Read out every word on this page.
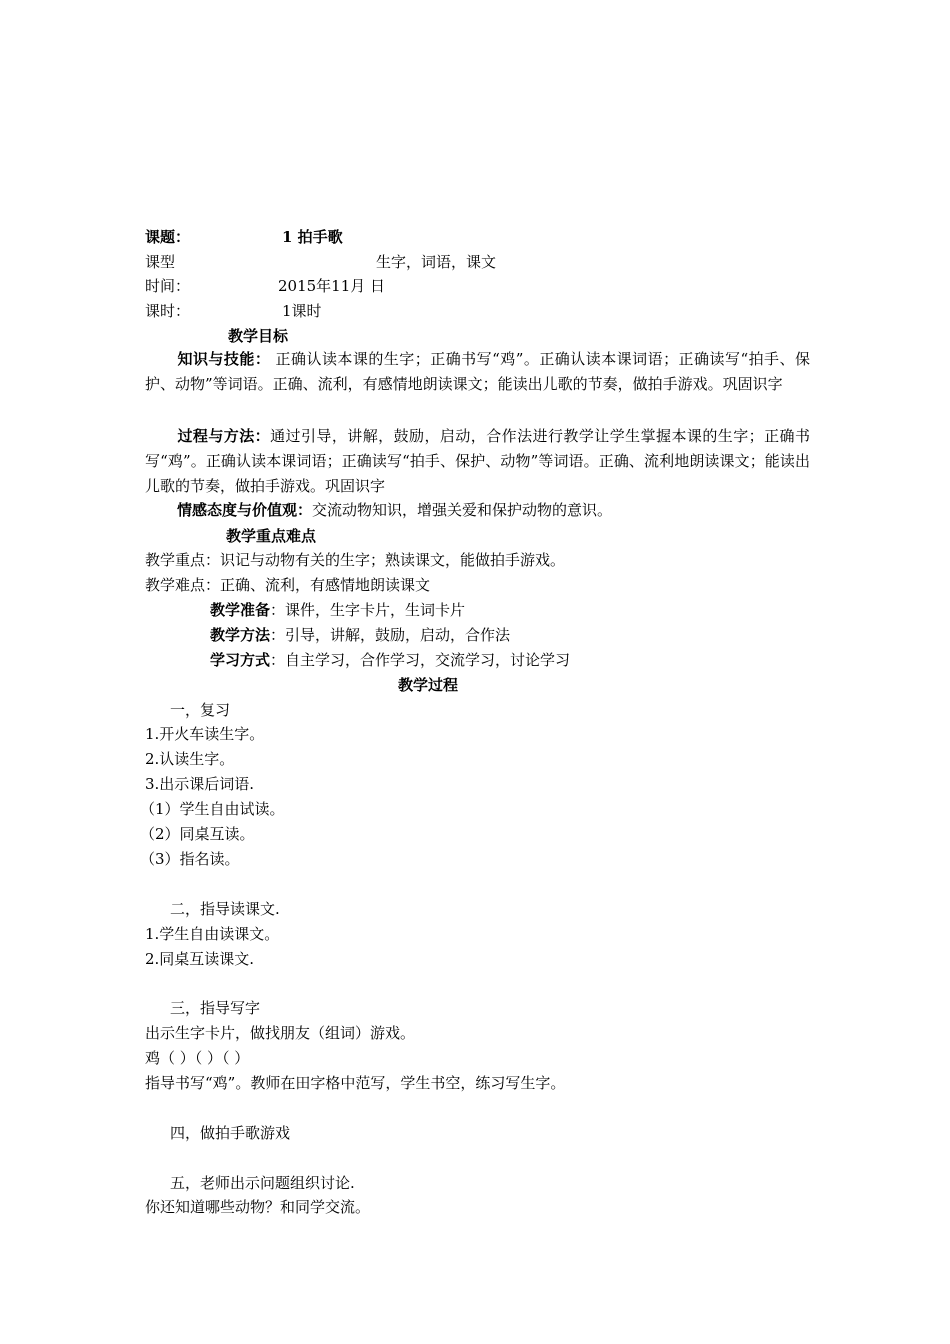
课题：	1 拍手歌
课型	生字，词语，课文
时间：	2015年11月 日
课时：	1课时
教学目标
知识与技能： 正确认读本课的生字；正确书写“鸡”。正确认读本课词语；正确读写“拍手、保护、动物”等词语。正确、流利，有感情地朗读课文；能读出儿歌的节奏，做拍手游戏。巩固识字
过程与方法：通过引导，讲解，鼓励，启动，合作法进行教学让学生掌握本课的生字；正确书写“鸡”。正确认读本课词语；正确读写“拍手、保护、动物”等词语。正确、流利地朗读课文；能读出儿歌的节奏，做拍手游戏。巩固识字
情感态度与价值观：交流动物知识，增强关爱和保护动物的意识。
教学重点难点
教学重点：识记与动物有关的生字；熟读课文，能做拍手游戏。
教学难点：正确、流利，有感情地朗读课文
教学准备：课件，生字卡片，生词卡片
教学方法：引导，讲解，鼓励，启动，合作法
学习方式：自主学习，合作学习，交流学习，讨论学习
教学过程
一，复习
1.开火车读生字。
2.认读生字。
3.出示课后词语.
（1）学生自由试读。
（2）同桌互读。
（3）指名读。
二，指导读课文.
1.学生自由读课文。
2.同桌互读课文.
三，指导写字
出示生字卡片，做找朋友（组词）游戏。
鸡（ ）（ ）（ ）
指导书写“鸡”。教师在田字格中范写，学生书空，练习写生字。
四，做拍手歌游戏
五，老师出示问题组织讨论.
你还知道哪些动物？和同学交流。
